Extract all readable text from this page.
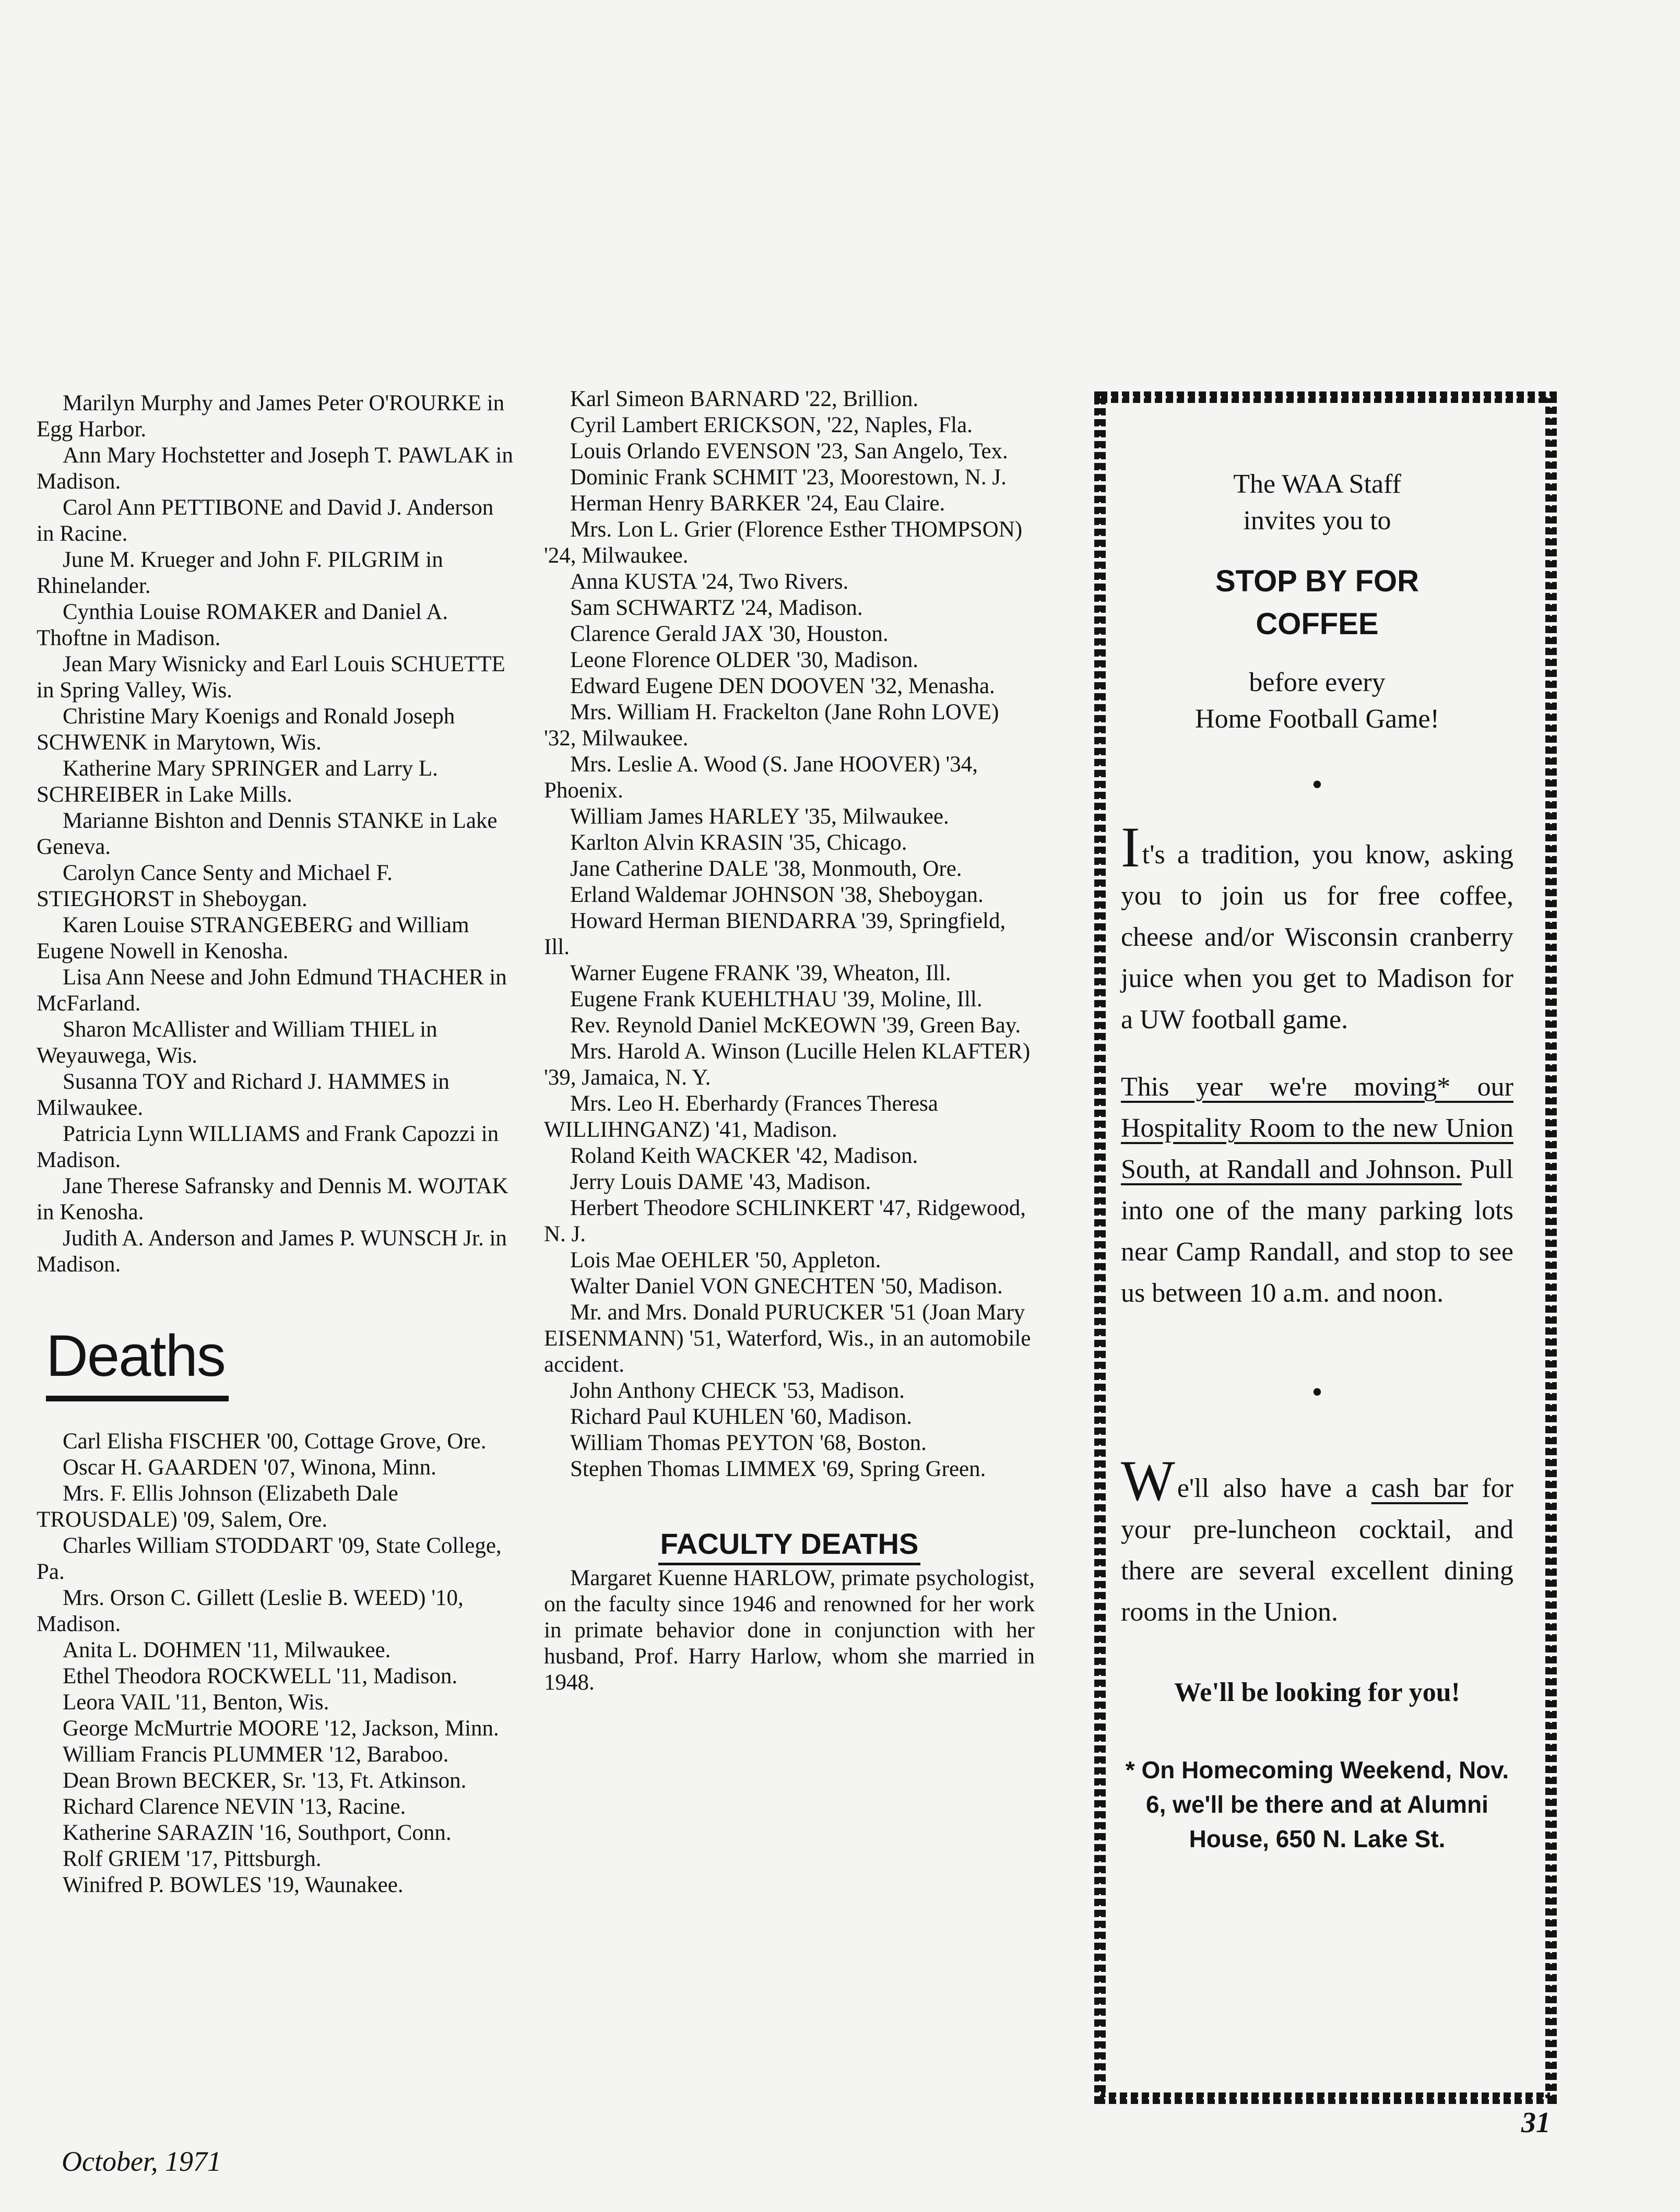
Marilyn Murphy and James Peter O'ROURKE in Egg Harbor.

Ann Mary Hochstetter and Joseph T. PAWLAK in Madison.

Carol Ann PETTIBONE and David J. Anderson in Racine.

June M. Krueger and John F. PILGRIM in Rhinelander.

Cynthia Louise ROMAKER and Daniel A. Thoftne in Madison.

Jean Mary Wisnicky and Earl Louis SCHUETTE in Spring Valley, Wis.

Christine Mary Koenigs and Ronald Joseph SCHWENK in Marytown, Wis.

Katherine Mary SPRINGER and Larry L. SCHREIBER in Lake Mills.

Marianne Bishton and Dennis STANKE in Lake Geneva.

Carolyn Cance Senty and Michael F. STIEGHORST in Sheboygan.

Karen Louise STRANGEBERG and William Eugene Nowell in Kenosha.

Lisa Ann Neese and John Edmund THACHER in McFarland.

Sharon McAllister and William THIEL in Weyauwega, Wis.

Susanna TOY and Richard J. HAMMES in Milwaukee.

Patricia Lynn WILLIAMS and Frank Capozzi in Madison.

Jane Therese Safransky and Dennis M. WOJTAK in Kenosha.

Judith A. Anderson and James P. WUNSCH Jr. in Madison.

Deaths

Carl Elisha FISCHER '00, Cottage Grove, Ore.

Oscar H. GAARDEN '07, Winona, Minn.

Mrs. F. Ellis Johnson (Elizabeth Dale TROUSDALE) '09, Salem, Ore.

Charles William STODDART '09, State College, Pa.

Mrs. Orson C. Gillett (Leslie B. WEED) '10, Madison.

Anita L. DOHMEN '11, Milwaukee.

Ethel Theodora ROCKWELL '11, Madison.

Leora VAIL '11, Benton, Wis.

George McMurtrie MOORE '12, Jackson, Minn.

William Francis PLUMMER '12, Baraboo.

Dean Brown BECKER, Sr. '13, Ft. Atkinson.

Richard Clarence NEVIN '13, Racine.

Katherine SARAZIN '16, Southport, Conn.

Rolf GRIEM '17, Pittsburgh.

Winifred P. BOWLES '19, Waunakee.

Karl Simeon BARNARD '22, Brillion.

Cyril Lambert ERICKSON, '22, Naples, Fla.

Louis Orlando EVENSON '23, San Angelo, Tex.

Dominic Frank SCHMIT '23, Moorestown, N. J.

Herman Henry BARKER '24, Eau Claire.

Mrs. Lon L. Grier (Florence Esther THOMPSON) '24, Milwaukee.

Anna KUSTA '24, Two Rivers.

Sam SCHWARTZ '24, Madison.

Clarence Gerald JAX '30, Houston.

Leone Florence OLDER '30, Madison.

Edward Eugene DEN DOOVEN '32, Menasha.

Mrs. William H. Frackelton (Jane Rohn LOVE) '32, Milwaukee.

Mrs. Leslie A. Wood (S. Jane HOOVER) '34, Phoenix.

William James HARLEY '35, Milwaukee.

Karlton Alvin KRASIN '35, Chicago.

Jane Catherine DALE '38, Monmouth, Ore.

Erland Waldemar JOHNSON '38, Sheboygan.

Howard Herman BIENDARRA '39, Springfield, Ill.

Warner Eugene FRANK '39, Wheaton, Ill.

Eugene Frank KUEHLTHAU '39, Moline, Ill.

Rev. Reynold Daniel McKEOWN '39, Green Bay.

Mrs. Harold A. Winson (Lucille Helen KLAFTER) '39, Jamaica, N. Y.

Mrs. Leo H. Eberhardy (Frances Theresa WILLIHNGANZ) '41, Madison.

Roland Keith WACKER '42, Madison.

Jerry Louis DAME '43, Madison.

Herbert Theodore SCHLINKERT '47, Ridgewood, N. J.

Lois Mae OEHLER '50, Appleton.

Walter Daniel VON GNECHTEN '50, Madison.

Mr. and Mrs. Donald PURUCKER '51 (Joan Mary EISENMANN) '51, Waterford, Wis., in an automobile accident.

John Anthony CHECK '53, Madison.

Richard Paul KUHLEN '60, Madison.

William Thomas PEYTON '68, Boston.

Stephen Thomas LIMMEX '69, Spring Green.

FACULTY DEATHS

Margaret Kuenne HARLOW, primate psychologist, on the faculty since 1946 and renowned for her work in primate behavior done in conjunction with her husband, Prof. Harry Harlow, whom she married in 1948.

The WAA Staff

invites you to

STOP BY FOR

COFFEE

before every

Home Football Game!

•

It's a tradition, you know, asking you to join us for free coffee, cheese and/or Wisconsin cranberry juice when you get to Madison for a UW football game.

This year we're moving* our Hospitality Room to the new Union South, at Randall and Johnson. Pull into one of the many parking lots near Camp Randall, and stop to see us between 10 a.m. and noon.

•

We'll also have a cash bar for your pre-luncheon cocktail, and there are several excellent dining rooms in the Union.

We'll be looking for you!

* On Homecoming Weekend, Nov. 6, we'll be there and at Alumni House, 650 N. Lake St.

October, 1971
31
